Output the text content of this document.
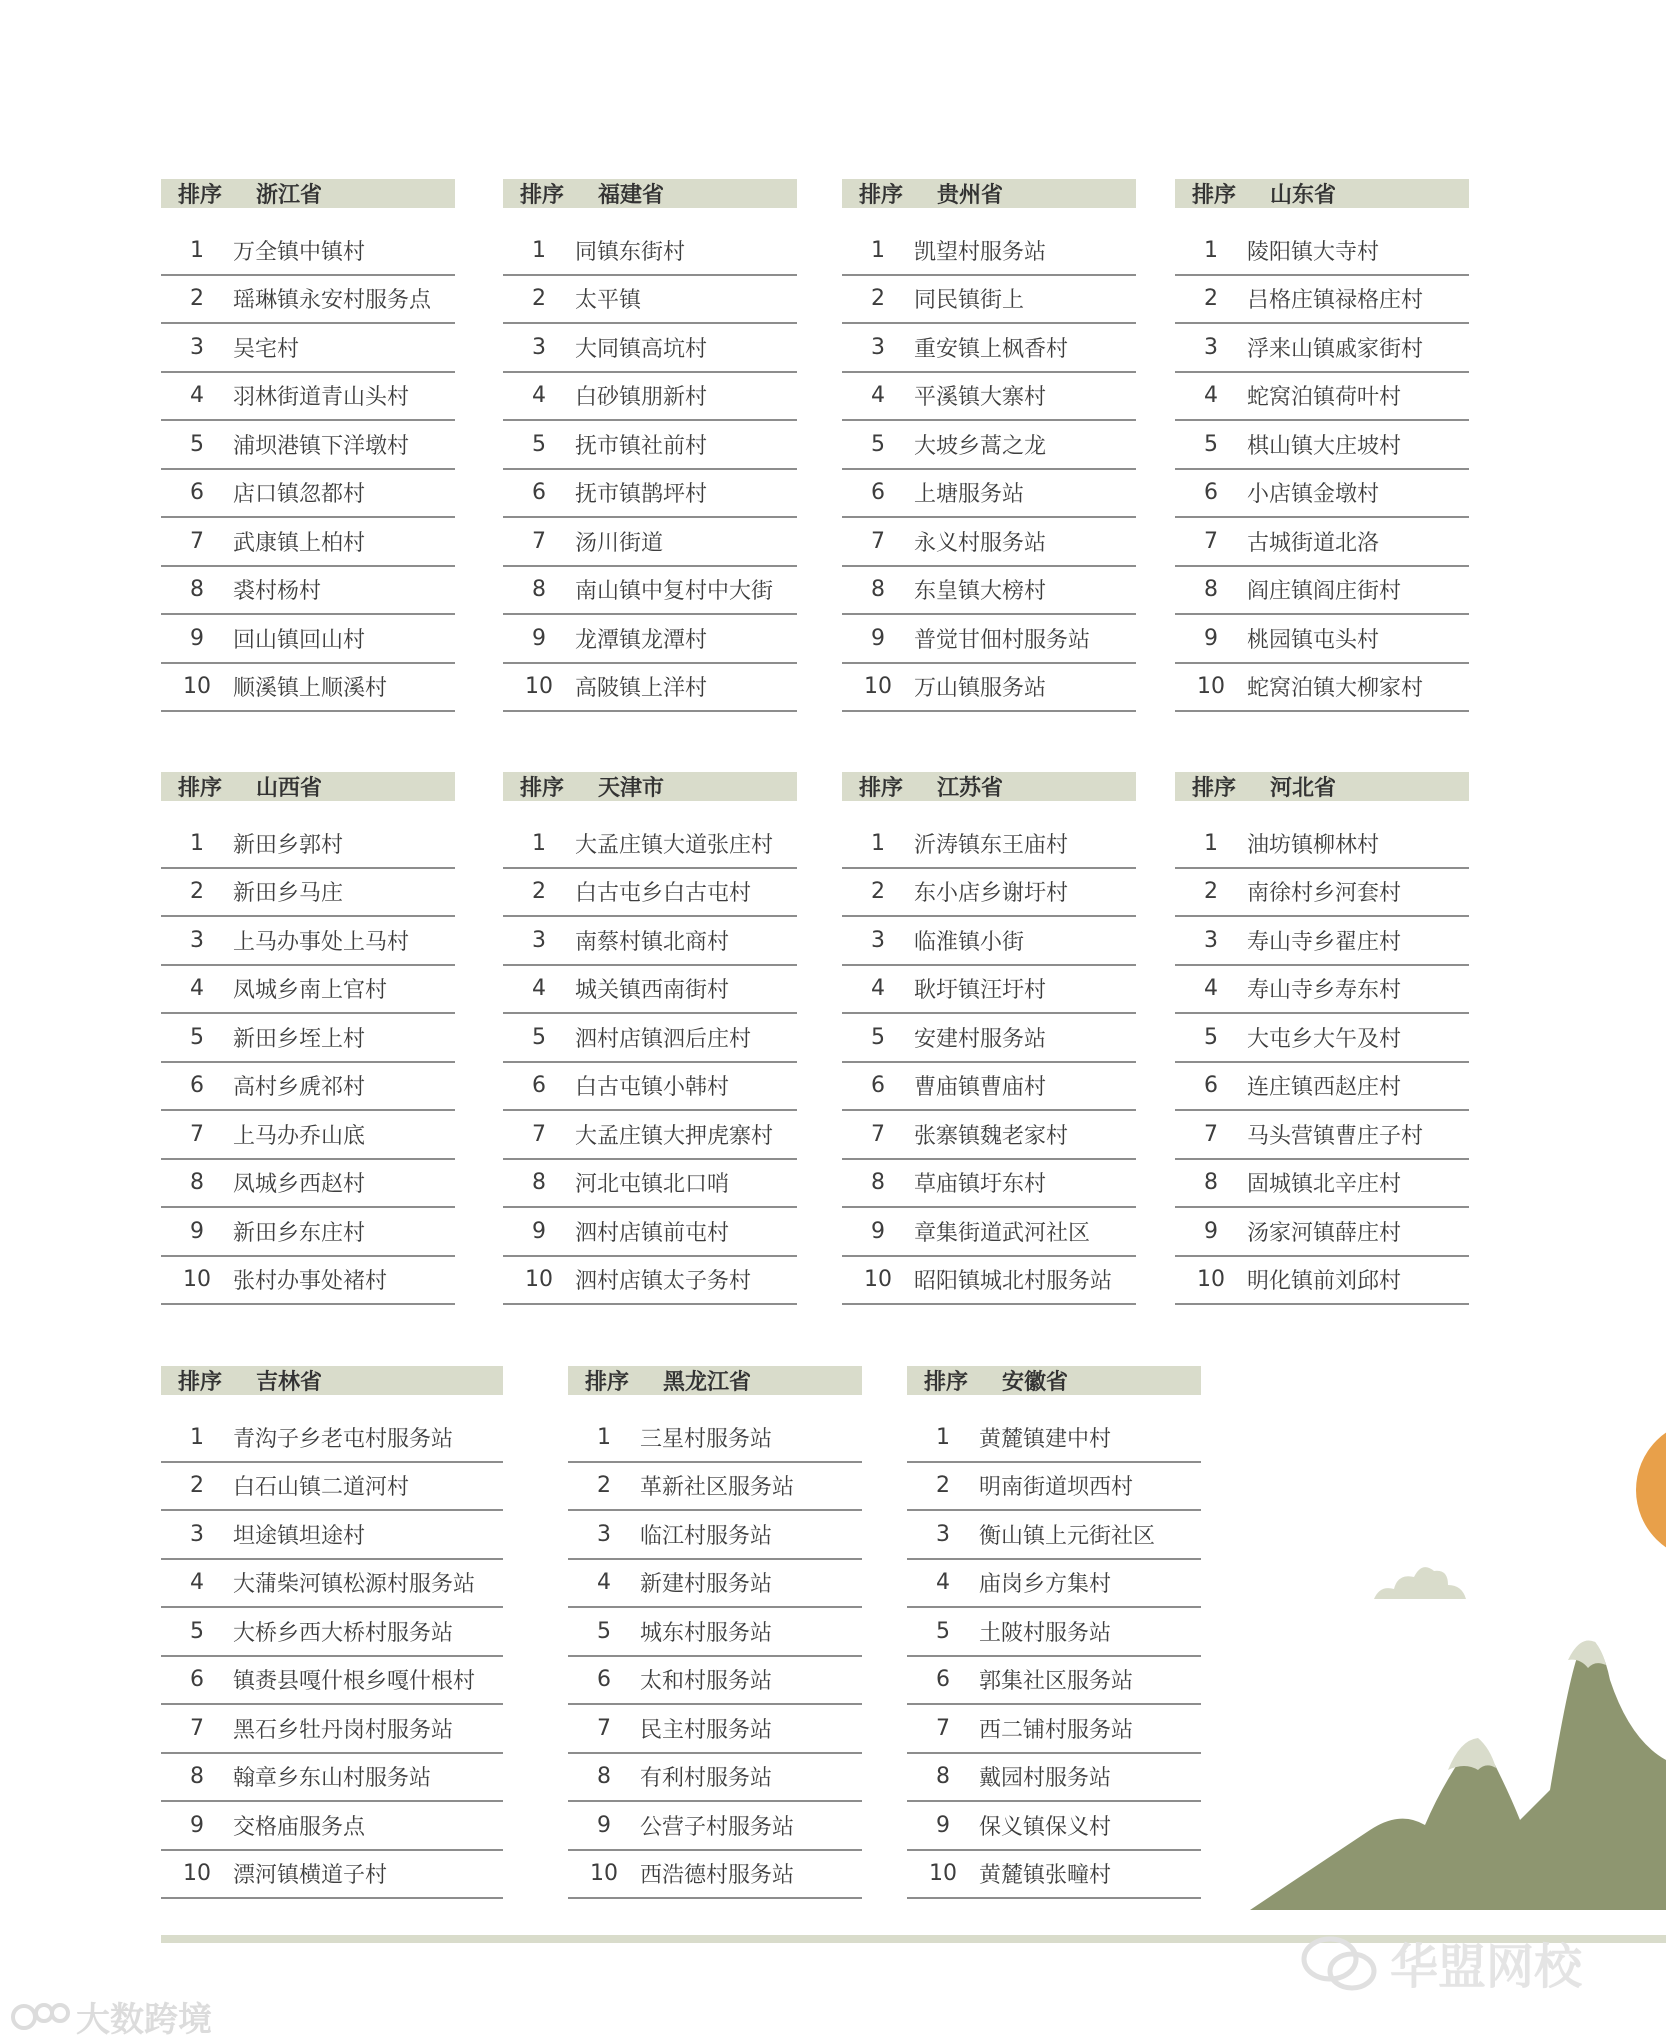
排序	浙江省
1	万全镇中镇村
2	瑶琳镇永安村服务点
3	吴宅村
4	羽林街道青山头村
5	浦坝港镇下洋墩村
6	店口镇忽都村
7	武康镇上柏村
8	裘村杨村
9	回山镇回山村
10	顺溪镇上顺溪村
排序	福建省
1	同镇东街村
2	太平镇
3	大同镇高坑村
4	白砂镇朋新村
5	抚市镇社前村
6	抚市镇鹊坪村
7	汤川街道
8	南山镇中复村中大街
9	龙潭镇龙潭村
10	高陂镇上洋村
排序	贵州省
1	凯望村服务站
2	同民镇街上
3	重安镇上枫香村
4	平溪镇大寨村
5	大坡乡蒿之龙
6	上塘服务站
7	永义村服务站
8	东皇镇大榜村
9	普觉甘佃村服务站
10	万山镇服务站
排序	山东省
1	陵阳镇大寺村
2	吕格庄镇禄格庄村
3	浮来山镇戚家街村
4	蛇窝泊镇荷叶村
5	棋山镇大庄坡村
6	小店镇金墩村
7	古城街道北洛
8	阎庄镇阎庄街村
9	桃园镇屯头村
10	蛇窝泊镇大柳家村
排序	山西省
1	新田乡郭村
2	新田乡马庄
3	上马办事处上马村
4	凤城乡南上官村
5	新田乡垤上村
6	高村乡虒祁村
7	上马办乔山底
8	凤城乡西赵村
9	新田乡东庄村
10	张村办事处褚村
排序	天津市
1	大孟庄镇大道张庄村
2	白古屯乡白古屯村
3	南蔡村镇北商村
4	城关镇西南街村
5	泗村店镇泗后庄村
6	白古屯镇小韩村
7	大孟庄镇大押虎寨村
8	河北屯镇北口哨
9	泗村店镇前屯村
10	泗村店镇太子务村
排序	江苏省
1	沂涛镇东王庙村
2	东小店乡谢圩村
3	临淮镇小街
4	耿圩镇汪圩村
5	安建村服务站
6	曹庙镇曹庙村
7	张寨镇魏老家村
8	草庙镇圩东村
9	章集街道武河社区
10	昭阳镇城北村服务站
排序	河北省
1	油坊镇柳林村
2	南徐村乡河套村
3	寿山寺乡翟庄村
4	寿山寺乡寿东村
5	大屯乡大午及村
6	连庄镇西赵庄村
7	马头营镇曹庄子村
8	固城镇北辛庄村
9	汤家河镇薛庄村
10	明化镇前刘邱村
排序	吉林省
1	青沟子乡老屯村服务站
2	白石山镇二道河村
3	坦途镇坦途村
4	大蒲柴河镇松源村服务站
5	大桥乡西大桥村服务站
6	镇赉县嘎什根乡嘎什根村
7	黑石乡牡丹岗村服务站
8	翰章乡东山村服务站
9	交格庙服务点
10	漂河镇横道子村
排序	黑龙江省
1	三星村服务站
2	革新社区服务站
3	临江村服务站
4	新建村服务站
5	城东村服务站
6	太和村服务站
7	民主村服务站
8	有利村服务站
9	公营子村服务站
10	西浩德村服务站
排序	安徽省
1	黄麓镇建中村
2	明南街道坝西村
3	衡山镇上元街社区
4	庙岗乡方集村
5	土陂村服务站
6	郭集社区服务站
7	西二铺村服务站
8	戴园村服务站
9	保义镇保义村
10	黄麓镇张疃村
华盟网校
大数跨境
